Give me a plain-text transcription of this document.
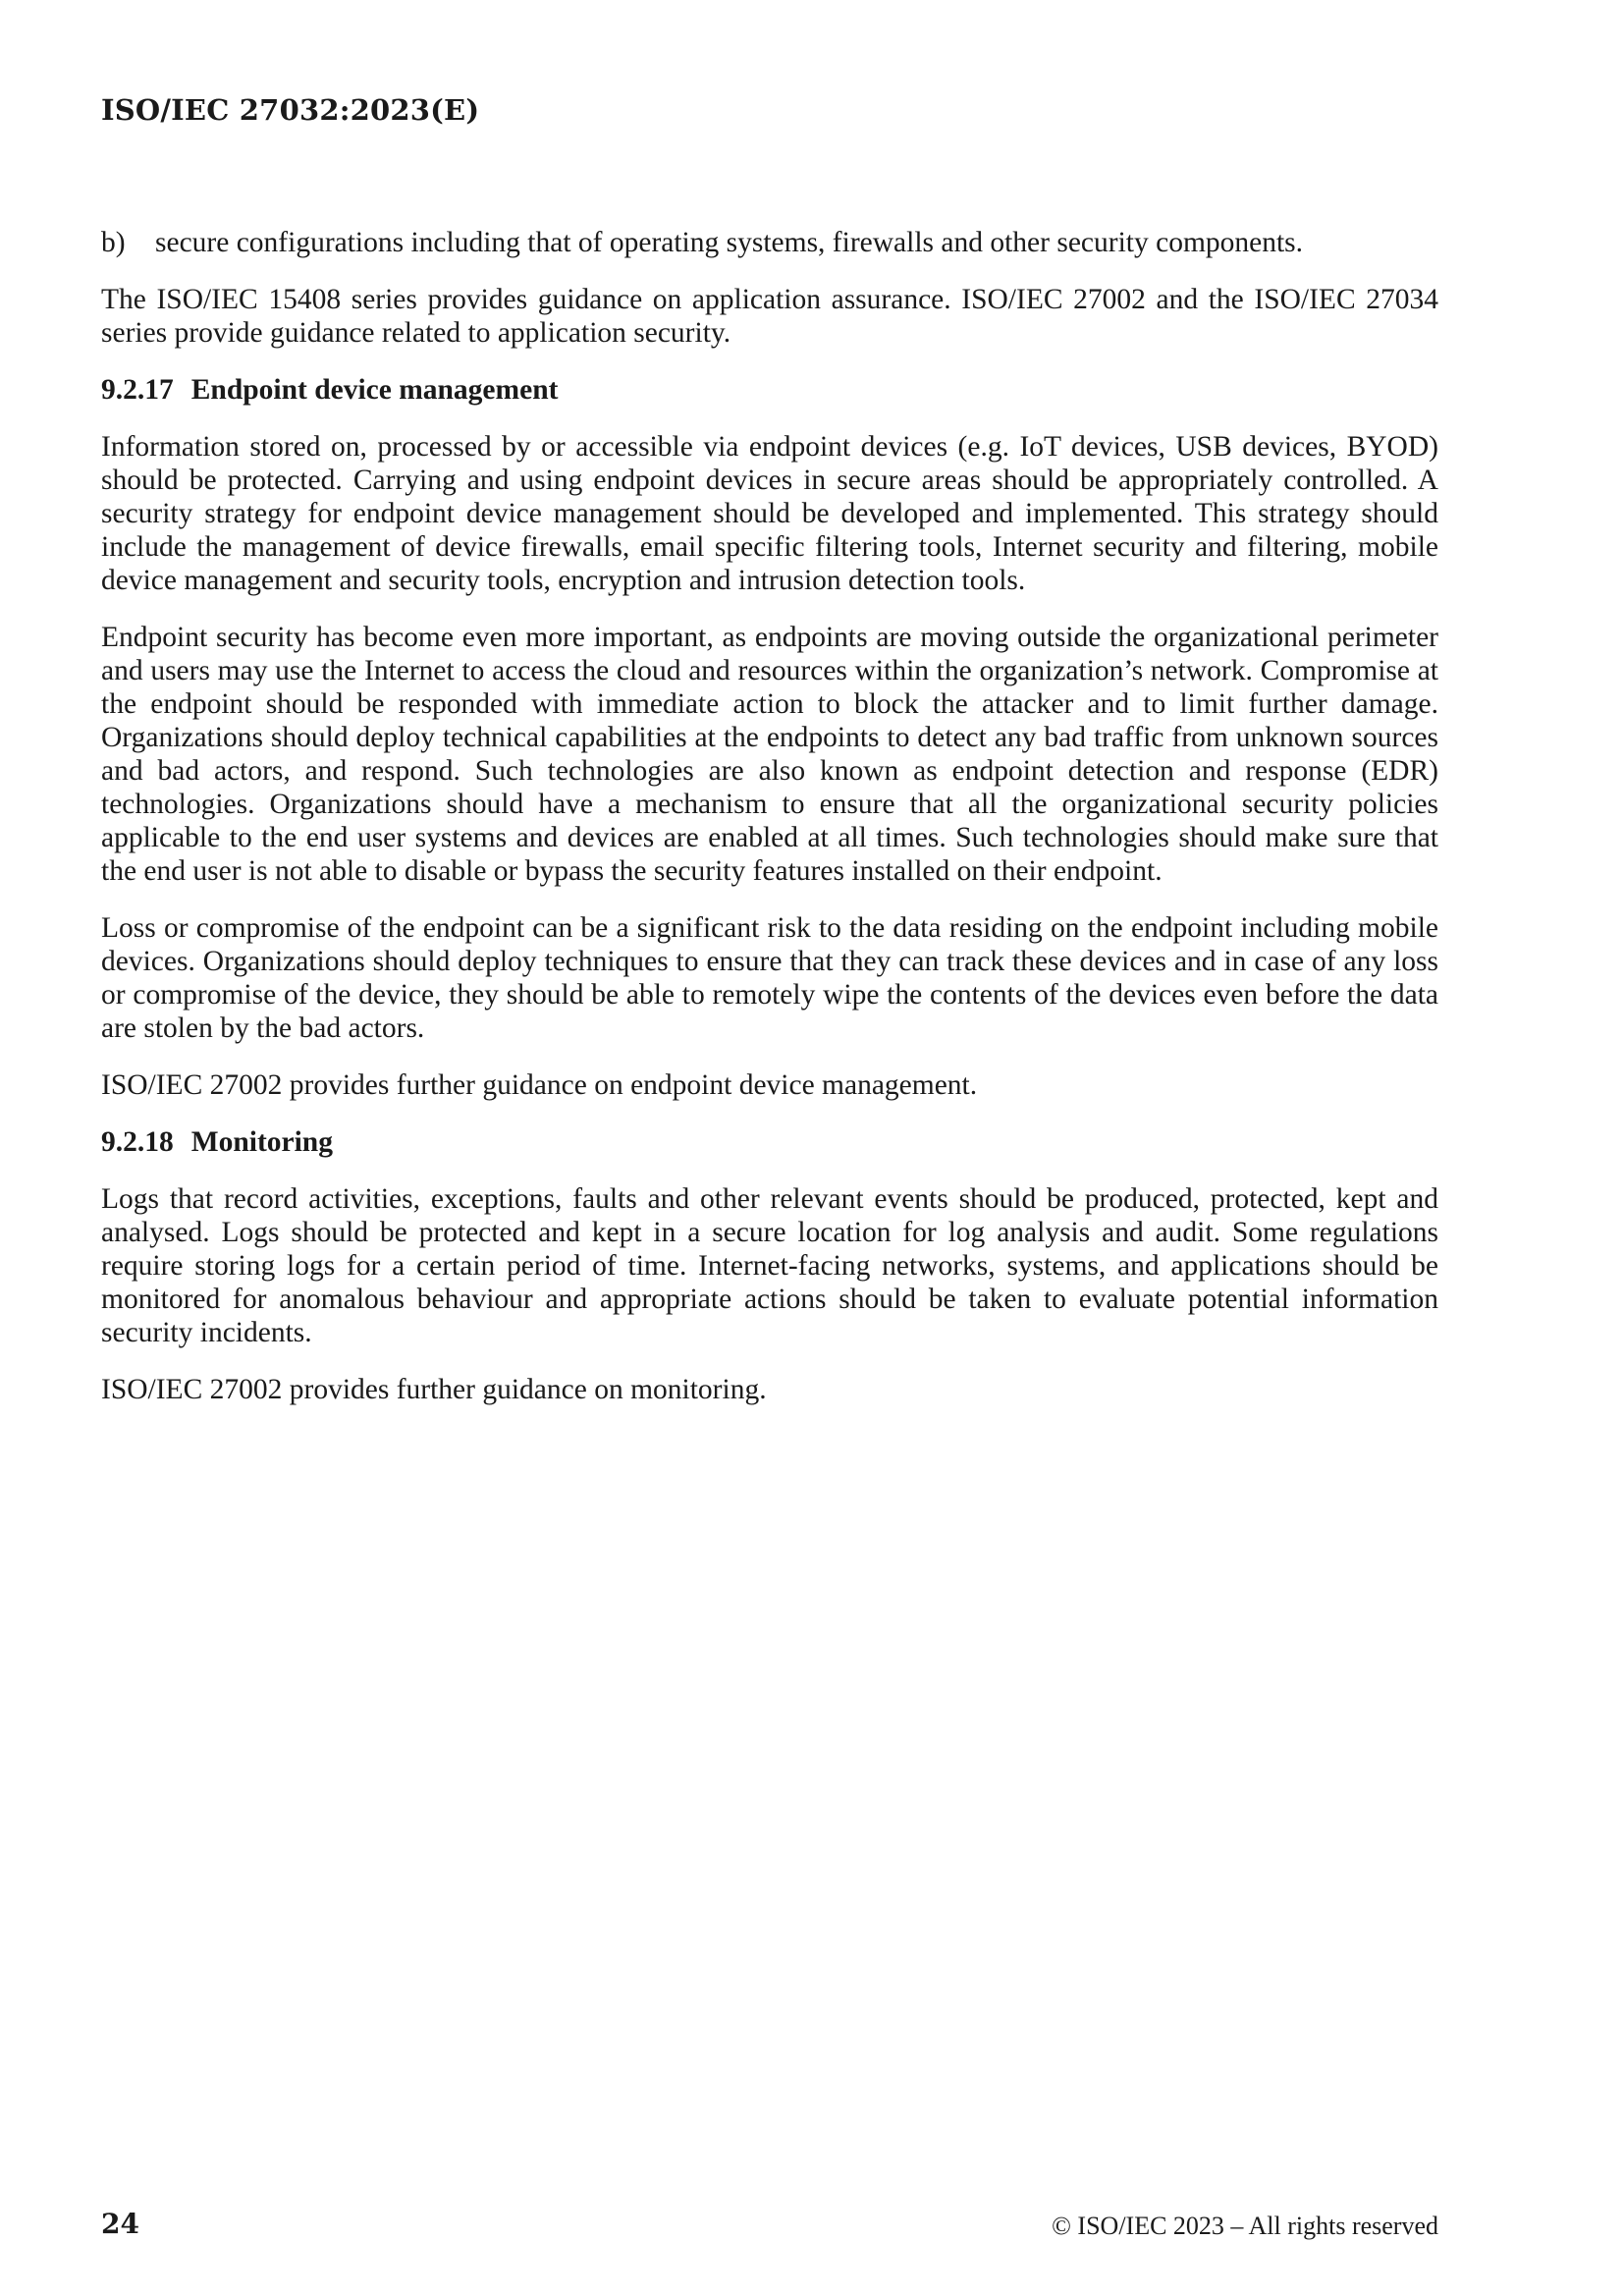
ISO/IEC 27032:2023(E)
b)	secure configurations including that of operating systems, firewalls and other security components.

The ISO/IEC 15408 series provides guidance on application assurance. ISO/IEC 27002 and the ISO/IEC 27034 series provide guidance related to application security.

9.2.17 Endpoint device management

Information stored on, processed by or accessible via endpoint devices (e.g. IoT devices, USB devices, BYOD) should be protected. Carrying and using endpoint devices in secure areas should be appropriately controlled. A security strategy for endpoint device management should be developed and implemented. This strategy should include the management of device firewalls, email specific filtering tools, Internet security and filtering, mobile device management and security tools, encryption and intrusion detection tools.

Endpoint security has become even more important, as endpoints are moving outside the organizational perimeter and users may use the Internet to access the cloud and resources within the organization’s network. Compromise at the endpoint should be responded with immediate action to block the attacker and to limit further damage. Organizations should deploy technical capabilities at the endpoints to detect any bad traffic from unknown sources and bad actors, and respond. Such technologies are also known as endpoint detection and response (EDR) technologies. Organizations should have a mechanism to ensure that all the organizational security policies applicable to the end user systems and devices are enabled at all times. Such technologies should make sure that the end user is not able to disable or bypass the security features installed on their endpoint.

Loss or compromise of the endpoint can be a significant risk to the data residing on the endpoint including mobile devices. Organizations should deploy techniques to ensure that they can track these devices and in case of any loss or compromise of the device, they should be able to remotely wipe the contents of the devices even before the data are stolen by the bad actors.

ISO/IEC 27002 provides further guidance on endpoint device management.

9.2.18 Monitoring

Logs that record activities, exceptions, faults and other relevant events should be produced, protected, kept and analysed. Logs should be protected and kept in a secure location for log analysis and audit. Some regulations require storing logs for a certain period of time. Internet-facing networks, systems, and applications should be monitored for anomalous behaviour and appropriate actions should be taken to evaluate potential information security incidents.

ISO/IEC 27002 provides further guidance on monitoring.

24	© ISO/IEC 2023 – All rights reserved
